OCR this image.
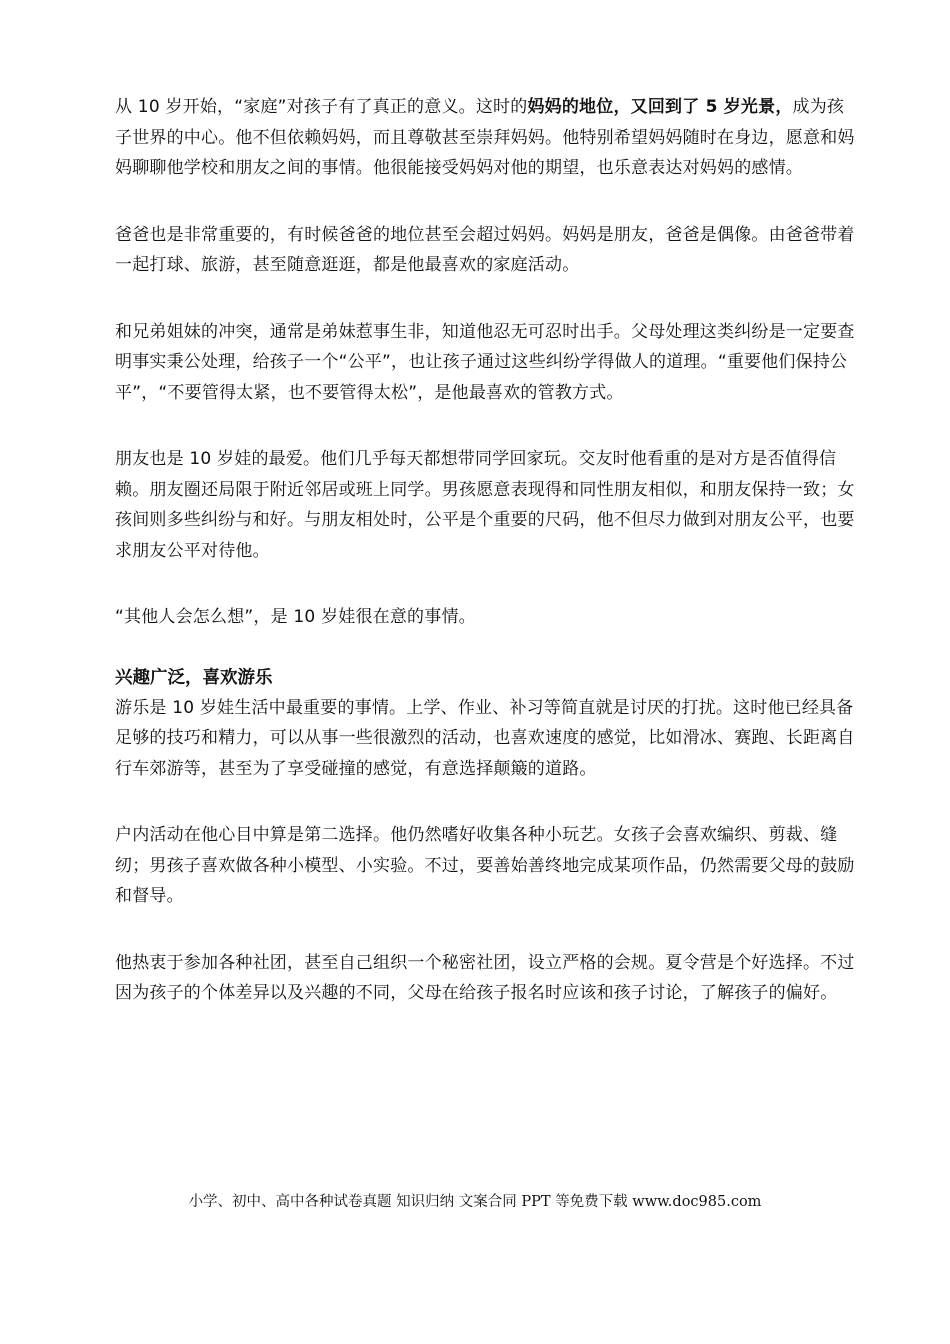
从 10 岁开始，“家庭”对孩子有了真正的意义。这时的妈妈的地位，又回到了 5 岁光景，成为孩子世界的中心。他不但依赖妈妈，而且尊敬甚至崇拜妈妈。他特别希望妈妈随时在身边，愿意和妈妈聊聊他学校和朋友之间的事情。他很能接受妈妈对他的期望，也乐意表达对妈妈的感情。

爸爸也是非常重要的，有时候爸爸的地位甚至会超过妈妈。妈妈是朋友，爸爸是偶像。由爸爸带着一起打球、旅游，甚至随意逛逛，都是他最喜欢的家庭活动。

和兄弟姐妹的冲突，通常是弟妹惹事生非，知道他忍无可忍时出手。父母处理这类纠纷是一定要查明事实秉公处理，给孩子一个“公平”，也让孩子通过这些纠纷学得做人的道理。“重要他们保持公平”，“不要管得太紧，也不要管得太松”，是他最喜欢的管教方式。

朋友也是 10 岁娃的最爱。他们几乎每天都想带同学回家玩。交友时他看重的是对方是否值得信赖。朋友圈还局限于附近邻居或班上同学。男孩愿意表现得和同性朋友相似，和朋友保持一致；女孩间则多些纠纷与和好。与朋友相处时，公平是个重要的尺码，他不但尽力做到对朋友公平，也要求朋友公平对待他。

“其他人会怎么想”，是 10 岁娃很在意的事情。

兴趣广泛，喜欢游乐

游乐是 10 岁娃生活中最重要的事情。上学、作业、补习等简直就是讨厌的打扰。这时他已经具备足够的技巧和精力，可以从事一些很激烈的活动，也喜欢速度的感觉，比如滑冰、赛跑、长距离自行车郊游等，甚至为了享受碰撞的感觉，有意选择颠簸的道路。

户内活动在他心目中算是第二选择。他仍然嗜好收集各种小玩艺。女孩子会喜欢编织、剪裁、缝纫；男孩子喜欢做各种小模型、小实验。不过，要善始善终地完成某项作品，仍然需要父母的鼓励和督导。

他热衷于参加各种社团，甚至自己组织一个秘密社团，设立严格的会规。夏令营是个好选择。不过因为孩子的个体差异以及兴趣的不同，父母在给孩子报名时应该和孩子讨论，了解孩子的偏好。

小学、初中、高中各种试卷真题 知识归纳 文案合同 PPT 等免费下载 www.doc985.com
